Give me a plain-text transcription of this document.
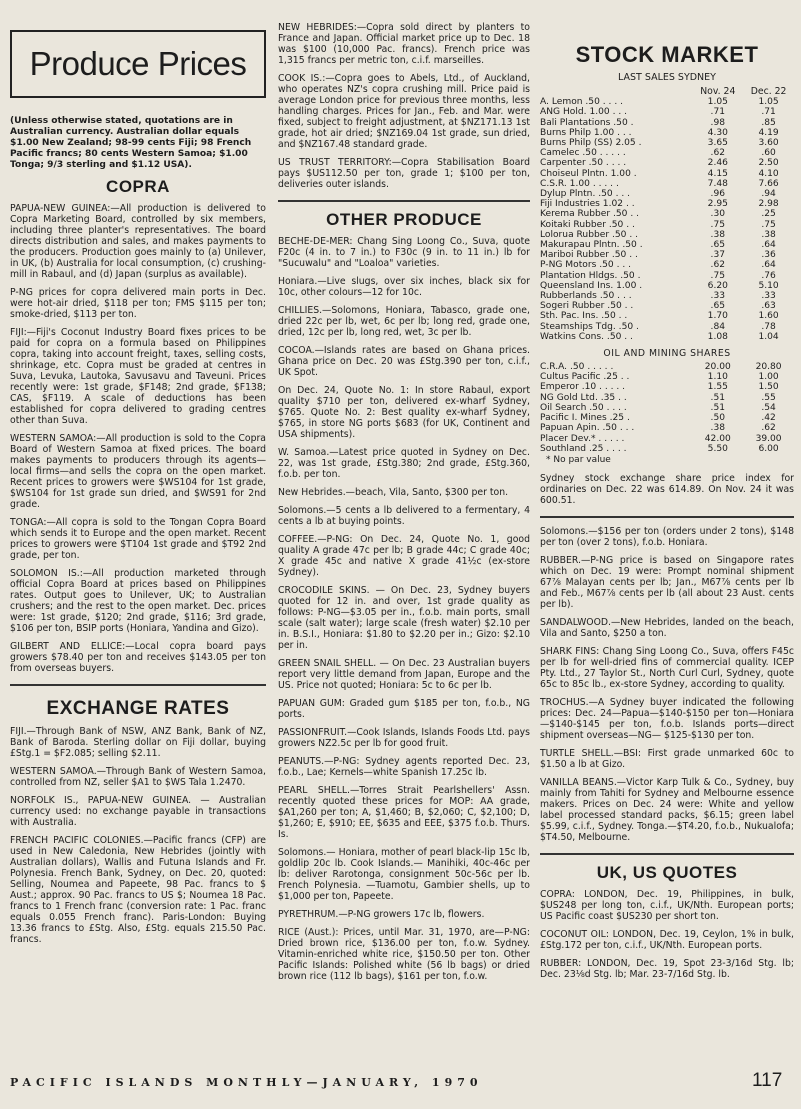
Produce Prices
(Unless otherwise stated, quotations are in Australian currency. Australian dollar equals $1.00 New Zealand; 98-99 cents Fiji; 98 French Pacific francs; 80 cents Western Samoa; $1.00 Tonga; 9/3 sterling and $1.12 USA).
COPRA

PAPUA-NEW GUINEA:—All production is delivered to Copra Marketing Board, controlled by six members, including three planter's representatives. The board directs distribution and sales, and makes payments to the producers. Production goes mainly to (a) Unilever, in UK, (b) Australia for local consumption, (c) crushing-mill in Rabaul, and (d) Japan (surplus as available).

P-NG prices for copra delivered main ports in Dec. were hot-air dried, $118 per ton; FMS $115 per ton; smoke-dried, $113 per ton.

FIJI:—Fiji's Coconut Industry Board fixes prices to be paid for copra on a formula based on Philippines copra, taking into account freight, taxes, selling costs, shrinkage, etc. Copra must be graded at centres in Suva, Levuka, Lautoka, Savusavu and Taveuni. Prices recently were: 1st grade, $F148; 2nd grade, $F138; CAS, $F119. A scale of deductions has been established for copra delivered to grading centres other than Suva.

WESTERN SAMOA:—All production is sold to the Copra Board of Western Samoa at fixed prices. The board makes payments to producers through its agents—local firms—and sells the copra on the open market. Recent prices to growers were $WS104 for 1st grade, $WS104 for 1st grade sun dried, and $WS91 for 2nd grade.

TONGA:—All copra is sold to the Tongan Copra Board which sends it to Europe and the open market. Recent prices to growers were $T104 1st grade and $T92 2nd grade, per ton.

SOLOMON IS.:—All production marketed through official Copra Board at prices based on Philippines rates. Output goes to Unilever, UK; to Australian crushers; and the rest to the open market. Dec. prices were: 1st grade, $120; 2nd grade, $116; 3rd grade, $106 per ton, BSIP ports (Honiara, Yandina and Gizo).

GILBERT AND ELLICE:—Local copra board pays growers $78.40 per ton and receives $143.05 per ton from overseas buyers.

EXCHANGE RATES

FIJI.—Through Bank of NSW, ANZ Bank, Bank of NZ, Bank of Baroda. Sterling dollar on Fiji dollar, buying £Stg.1 = $F2.085; selling $2.11.

WESTERN SAMOA.—Through Bank of Western Samoa, controlled from NZ, seller $A1 to $WS Tala 1.2470.

NORFOLK IS., PAPUA-NEW GUINEA. — Australian currency used: no exchange payable in transactions with Australia.

FRENCH PACIFIC COLONIES.—Pacific francs (CFP) are used in New Caledonia, New Hebrides (jointly with Australian dollars), Wallis and Futuna Islands and Fr. Polynesia. French Bank, Sydney, on Dec. 20, quoted: Selling, Noumea and Papeete, 98 Pac. francs to $ Aust.; approx. 90 Pac. francs to US $; Noumea 18 Pac. francs to 1 French franc (conversion rate: 1 Pac. franc equals 0.055 French franc). Paris-London: Buying 13.36 francs to £Stg. Also, £Stg. equals 215.50 Pac. francs.

NEW HEBRIDES:—Copra sold direct by planters to France and Japan. Official market price up to Dec. 18 was $100 (10,000 Pac. francs). French price was 1,315 francs per metric ton, c.i.f. marseilles.

COOK IS.:—Copra goes to Abels, Ltd., of Auckland, who operates NZ's copra crushing mill. Price paid is average London price for previous three months, less handling charges. Prices for Jan., Feb. and Mar. were fixed, subject to freight adjustment, at $NZ171.13 1st grade, hot air dried; $NZ169.04 1st grade, sun dried, and $NZ167.48 standard grade.

US TRUST TERRITORY:—Copra Stabilisation Board pays $US112.50 per ton, grade 1; $100 per ton, deliveries outer islands.

OTHER PRODUCE

BECHE-DE-MER: Chang Sing Loong Co., Suva, quote F20c (4 in. to 7 in.) to F30c (9 in. to 11 in.) lb for "Sucuwalu" and "Loaloa" varieties.

Honiara.—Live slugs, over six inches, black six for 10c, other colours—12 for 10c.

CHILLIES.—Solomons, Honiara, Tabasco, grade one, dried 22c per lb, wet, 6c per lb; long red, grade one, dried, 12c per lb, long red, wet, 3c per lb.

COCOA.—Islands rates are based on Ghana prices. Ghana price on Dec. 20 was £Stg.390 per ton, c.i.f., UK Spot.

On Dec. 24, Quote No. 1: In store Rabaul, export quality $710 per ton, delivered ex-wharf Sydney, $765. Quote No. 2: Best quality ex-wharf Sydney, $765, in store NG ports $683 (for UK, Continent and USA shipments).

W. Samoa.—Latest price quoted in Sydney on Dec. 22, was 1st grade, £Stg.380; 2nd grade, £Stg.360, f.o.b. per ton.

New Hebrides.—beach, Vila, Santo, $300 per ton.

Solomons.—5 cents a lb delivered to a fermentary, 4 cents a lb at buying points.

COFFEE.—P-NG: On Dec. 24, Quote No. 1, good quality A grade 47c per lb; B grade 44c; C grade 40c; X grade 45c and native X grade 41½c (ex-store Sydney).

CROCODILE SKINS. — On Dec. 23, Sydney buyers quoted for 12 in. and over, 1st grade quality as follows: P-NG—$3.05 per in., f.o.b. main ports, small scale (salt water); large scale (fresh water) $2.10 per in. B.S.I., Honiara: $1.80 to $2.20 per in.; Gizo: $2.10 per in.

GREEN SNAIL SHELL. — On Dec. 23 Australian buyers report very little demand from Japan, Europe and the US. Price not quoted; Honiara: 5c to 6c per lb.

PAPUAN GUM: Graded gum $185 per ton, f.o.b., NG ports.

PASSIONFRUIT.—Cook Islands, Islands Foods Ltd. pays growers NZ2.5c per lb for good fruit.

PEANUTS.—P-NG: Sydney agents reported Dec. 23, f.o.b., Lae; Kernels—white Spanish 17.25c lb.

PEARL SHELL.—Torres Strait Pearlshellers' Assn. recently quoted these prices for MOP: AA grade, $A1,260 per ton; A, $1,460; B, $2,060; C, $2,100; D, $1,260; E, $910; EE, $635 and EEE, $375 f.o.b. Thurs. Is.

Solomons.— Honiara, mother of pearl black-lip 15c lb, goldlip 20c lb. Cook Islands.— Manihiki, 40c-46c per lb: deliver Rarotonga, consignment 50c-56c per lb. French Polynesia. —Tuamotu, Gambier shells, up to $1,000 per ton, Papeete.

PYRETHRUM.—P-NG growers 17c lb, flowers.

RICE (Aust.): Prices, until Mar. 31, 1970, are—P-NG: Dried brown rice, $136.00 per ton, f.o.w. Sydney. Vitamin-enriched white rice, $150.50 per ton. Other Pacific Islands: Polished white (56 lb bags) or dried brown rice (112 lb bags), $161 per ton, f.o.w.

STOCK MARKET
LAST SALES SYDNEY
	Nov. 24	Dec. 22
A. Lemon .50 . . . .	1.05	1.05
ANG Hold. 1.00 . . .	.71	.71
Bali Plantations .50 .	.98	.85
Burns Philp 1.00 . . .	4.30	4.19
Burns Philp (SS) 2.05 .	3.65	3.60
Camelec .50 . . . . .	.62	.60
Carpenter .50 . . . .	2.46	2.50
Choiseul Plntn. 1.00 .	4.15	4.10
C.S.R. 1.00 . . . . .	7.48	7.66
Dylup Plntn. .50 . . .	.96	.94
Fiji Industries 1.02 . .	2.95	2.98
Kerema Rubber .50 . .	.30	.25
Koitaki Rubber .50 . .	.75	.75
Lolorua Rubber .50 . .	.38	.38
Makurapau Plntn. .50 .	.65	.64
Mariboi Rubber .50 . .	.37	.36
P-NG Motors .50 . . .	.62	.64
Plantation Hldgs. .50 .	.75	.76
Queensland Ins. 1.00 .	6.20	5.10
Rubberlands .50 . . .	.33	.33
Sogeri Rubber .50 . .	.65	.63
Sth. Pac. Ins. .50 . .	1.70	1.60
Steamships Tdg. .50 .	.84	.78
Watkins Cons. .50 . .	1.08	1.04
OIL AND MINING SHARES
C.R.A. .50 . . . . .	20.00	20.80
Cultus Pacific .25 . .	1.10	1.00
Emperor .10 . . . . .	1.55	1.50
NG Gold Ltd. .35 . .	.51	.55
Oil Search .50 . . . .	.51	.54
Pacific I. Mines .25 .	.50	.42
Papuan Apin. .50 . . .	.38	.62
Placer Dev.* . . . . .	42.00	39.00
Southland .25 . . . .	5.50	6.00
* No par value

Sydney stock exchange share price index for ordinaries on Dec. 22 was 614.89. On Nov. 24 it was 600.51.

Solomons.—$156 per ton (orders under 2 tons), $148 per ton (over 2 tons), f.o.b. Honiara.

RUBBER.—P-NG price is based on Singapore rates which on Dec. 19 were: Prompt nominal shipment 67⅞ Malayan cents per lb; Jan., M67⅞ cents per lb and Feb., M67⅞ cents per lb (all about 23 Aust. cents per lb).

SANDALWOOD.—New Hebrides, landed on the beach, Vila and Santo, $250 a ton.

SHARK FINS: Chang Sing Loong Co., Suva, offers F45c per lb for well-dried fins of commercial quality. ICEP Pty. Ltd., 27 Taylor St., North Curl Curl, Sydney, quote 65c to 85c lb., ex-store Sydney, according to quality.

TROCHUS.—A Sydney buyer indicated the following prices: Dec. 24—Papua—$140-$150 per ton—Honiara—$140-$145 per ton, f.o.b. Islands ports—direct shipment overseas—NG— $125-$130 per ton.

TURTLE SHELL.—BSI: First grade unmarked 60c to $1.50 a lb at Gizo.

VANILLA BEANS.—Victor Karp Tulk & Co., Sydney, buy mainly from Tahiti for Sydney and Melbourne essence makers. Prices on Dec. 24 were: White and yellow label processed standard packs, $6.15; green label $5.99, c.i.f., Sydney. Tonga.—$T4.20, f.o.b., Nukualofa; $T4.50, Melbourne.

UK, US QUOTES

COPRA: LONDON, Dec. 19, Philippines, in bulk, $US248 per long ton, c.i.f., UK/Nth. European ports; US Pacific coast $US230 per short ton.

COCONUT OIL: LONDON, Dec. 19, Ceylon, 1% in bulk, £Stg.172 per ton, c.i.f., UK/Nth. European ports.

RUBBER: LONDON, Dec. 19, Spot 23-3/16d Stg. lb; Dec. 23⅛d Stg. lb; Mar. 23-7/16d Stg. lb.

PACIFIC ISLANDS MONTHLY—JANUARY, 1970	117
